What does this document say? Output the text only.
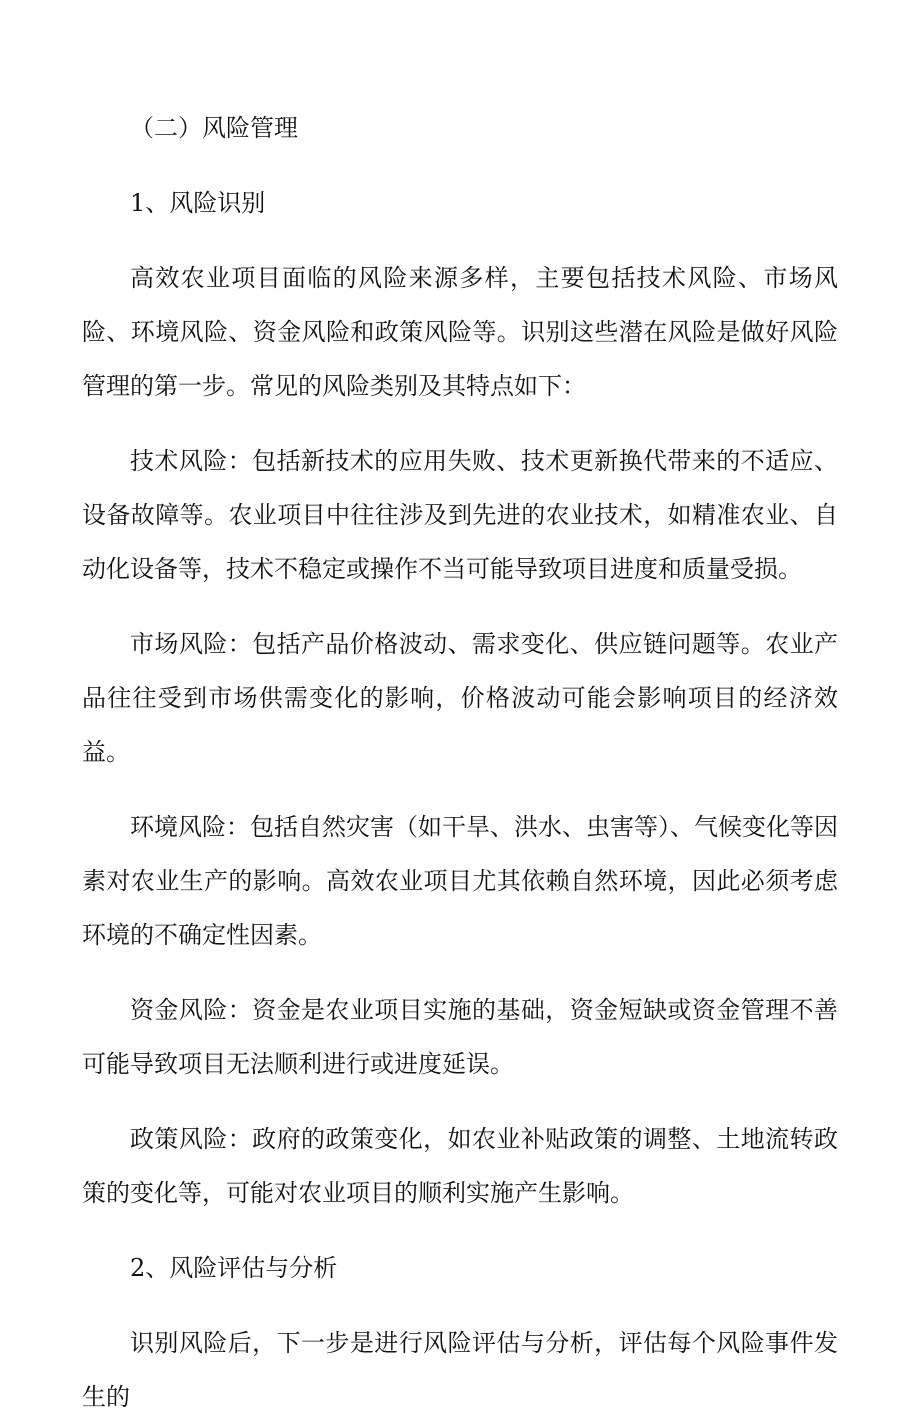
（二）风险管理
1、风险识别

高效农业项目面临的风险来源多样，主要包括技术风险、市场风险、环境风险、资金风险和政策风险等。识别这些潜在风险是做好风险管理的第一步。常见的风险类别及其特点如下：

技术风险：包括新技术的应用失败、技术更新换代带来的不适应、设备故障等。农业项目中往往涉及到先进的农业技术，如精准农业、自动化设备等，技术不稳定或操作不当可能导致项目进度和质量受损。

市场风险：包括产品价格波动、需求变化、供应链问题等。农业产品往往受到市场供需变化的影响，价格波动可能会影响项目的经济效益。

环境风险：包括自然灾害（如干旱、洪水、虫害等）、气候变化等因素对农业生产的影响。高效农业项目尤其依赖自然环境，因此必须考虑环境的不确定性因素。

资金风险：资金是农业项目实施的基础，资金短缺或资金管理不善可能导致项目无法顺利进行或进度延误。

政策风险：政府的政策变化，如农业补贴政策的调整、土地流转政策的变化等，可能对农业项目的顺利实施产生影响。

2、风险评估与分析

识别风险后，下一步是进行风险评估与分析，评估每个风险事件发生的
